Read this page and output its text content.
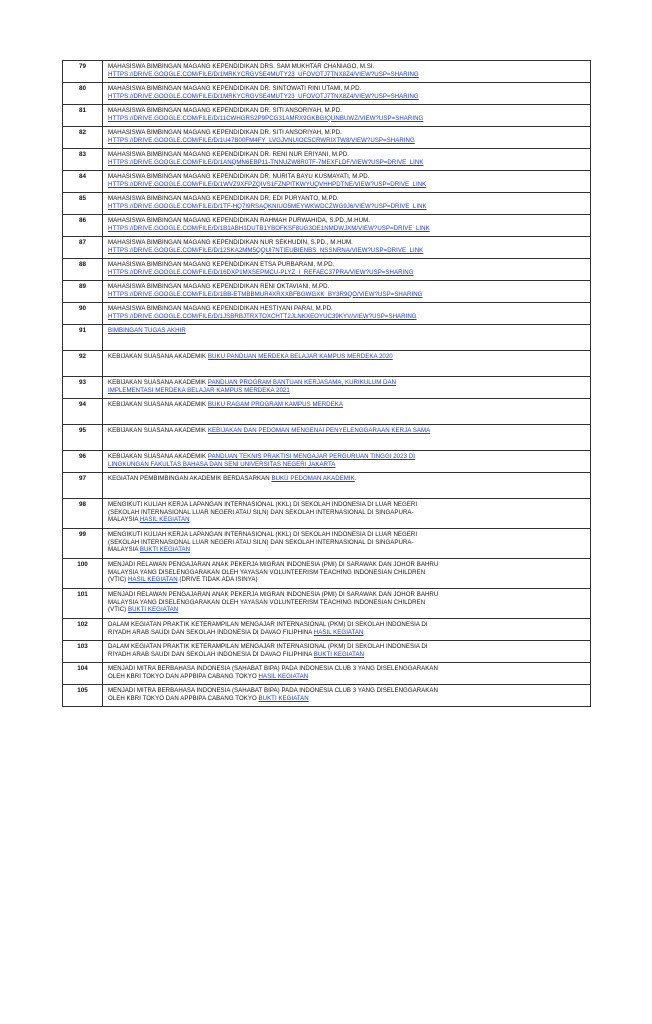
79	MAHASISWA BIMBINGAN MAGANG KEPENDIDIKAN DRS. SAM MUKHTAR CHANIAGO, M.SI.
HTTPS://DRIVE.GOOGLE.COM/FILE/D/1MRKYCRGVSE4MUTY23_UFOVOTJ7TNX8Z4/VIEW?USP=SHARING

80	MAHASISWA BIMBINGAN MAGANG KEPENDIDIKAN DR. SINTOWATI RINI UTAMI, M.PD.
HTTPS://DRIVE.GOOGLE.COM/FILE/D/1MRKYCRGVSE4MUTY23_UFOVOTJ7TNX8Z4/VIEW?USP=SHARING

81	MAHASISWA BIMBINGAN MAGANG KEPENDIDIKAN DR. SITI ANSORIYAH, M.PD.
HTTPS://DRIVE.GOOGLE.COM/FILE/D/11CWHGRS2P9PCG31AMRX9GKBGIQUNBUWZ/VIEW?USP=SHARING

82	MAHASISWA BIMBINGAN MAGANG KEPENDIDIKAN DR. SITI ANSORIYAH, M.PD.
HTTPS://DRIVE.GOOGLE.COM/FILE/D/1U47B00FM4FY_LVGJVNUIOC5CRWRIXTW8/VIEW?USP=SHARING

83	MAHASISWA BIMBINGAN MAGANG KEPENDIDIKAN DR. RENI NUR ERIYANI, M.PD.
HTTPS://DRIVE.GOOGLE.COM/FILE/D/1ANQMN6EBP11-TNNUZW8R0TF-7MEXFLDF/VIEW?USP=DRIVE_LINK

84	MAHASISWA BIMBINGAN MAGANG KEPENDIDIKAN DR. NURITA BAYU KUSMAYATI, M.PD.
HTTPS://DRIVE.GOOGLE.COM/FILE/D/1WVZ9XFPZQIVS1FZNPITKWYUQVHHPDTNE/VIEW?USP=DRIVE_LINK

85	MAHASISWA BIMBINGAN MAGANG KEPENDIDIKAN DR. EDI PURYANTO, M.PD.
HTTPS://DRIVE.GOOGLE.COM/FILE/D/1TF-HQ7I9RSAQKNIUO5MEYWKWDCZWG9J6/VIEW?USP=DRIVE_LINK

86	MAHASISWA BIMBINGAN MAGANG KEPENDIDIKAN RAHMAH PURWAHIDA, S.PD.,M.HUM.
HTTPS://DRIVE.GOOGLE.COM/FILE/D/1B1ABH1DUTB1YBOFKSF8UG3OE1NMDWJXM/VIEW?USP=DRIVE_LINK

87	MAHASISWA BIMBINGAN MAGANG KEPENDIDIKAN NUR SEKHUDIN, S.PD., M.HUM.
HTTPS://DRIVE.GOOGLE.COM/FILE/D/12SKA2MM5QQUI7NTIEUBIENBS_NSSNRNA/VIEW?USP=DRIVE_LINK

88	MAHASISWA BIMBINGAN MAGANG KEPENDIDIKAN ETSA PURBARANI, M.PD.
HTTPS://DRIVE.GOOGLE.COM/FILE/D/16DXP1MXSEPMCU-PLYZ_I_REFAEC37PRA/VIEW?USP=SHARING

89	MAHASISWA BIMBINGAN MAGANG KEPENDIDIKAN RENI OKTAVIANI, M.PD.
HTTPS://DRIVE.GOOGLE.COM/FILE/D/1BB-ETMBBMUR4XRXXBFBGWGXK_BY3R9QO/VIEW?USP=SHARING

90	MAHASISWA BIMBINGAN MAGANG KEPENDIDIKAN HESTIYANI PARAI, M.PD.
HTTPS://DRIVE.GOOGLE.COM/FILE/D/1JSBRBJTRXTOXCHTT2JLNKXEOYUC39KYV/VIEW?USP=SHARING

91	BIMBINGAN TUGAS AKHIR

92	KEBIJAKAN SUASANA AKADEMIK BUKU PANDUAN MERDEKA BELAJAR KAMPUS MERDEKA 2020

93	KEBIJAKAN SUASANA AKADEMIK PANDUAN PROGRAM BANTUAN KERJASAMA, KURIKULUM DAN
IMPLEMENTASI MERDEKA BELAJAR KAMPUS MERDEKA 2021

94	KEBIJAKAN SUASANA AKADEMIK BUKU RAGAM PROGRAM KAMPUS MERDEKA

95	KEBIJAKAN SUASANA AKADEMIK KEBIJAKAN DAN PEDOMAN MENGENAI PENYELENGGARAAN KERJA SAMA

96	KEBIJAKAN SUASANA AKADEMIK PANDUAN TEKNIS PRAKTISI MENGAJAR PERGURUAN TINGGI 2023 DI
LINGKUNGAN FAKULTAS BAHASA DAN SENI UNIVERSITAS NEGERI JAKARTA

97	KEGIATAN PEMBIMBINGAN AKADEMIK BERDASARKAN BUKU PEDOMAN AKADEMIK.

98	MENGIKUTI KULIAH KERJA LAPANGAN INTERNASIONAL (KKL) DI SEKOLAH INDONESIA DI LUAR NEGERI
(SEKOLAH INTERNASIONAL LUAR NEGERI ATAU SILN) DAN SEKOLAH INTERNASIONAL DI SINGAPURA-
MALAYSIA HASIL KEGIATAN

99	MENGIKUTI KULIAH KERJA LAPANGAN INTERNASIONAL (KKL) DI SEKOLAH INDONESIA DI LUAR NEGERI
(SEKOLAH INTERNASIONAL LUAR NEGERI ATAU SILN) DAN SEKOLAH INTERNASIONAL DI SINGAPURA-
MALAYSIA BUKTI KEGIATAN

100	MENJADI RELAWAN PENGAJARAN ANAK PEKERJA MIGRAN INDONESIA (PMI) DI SARAWAK DAN JOHOR BAHRU
MALAYSIA YANG DISELENGGARAKAN OLEH YAYASAN VOLUNTEERISM TEACHING INDONESIAN CHILDREN
(VTIC) HASIL KEGIATAN (DRIVE TIDAK ADA ISINYA)

101	MENJADI RELAWAN PENGAJARAN ANAK PEKERJA MIGRAN INDONESIA (PMI) DI SARAWAK DAN JOHOR BAHRU
MALAYSIA YANG DISELENGGARAKAN OLEH YAYASAN VOLUNTEERISM TEACHING INDONESIAN CHILDREN
(VTIC) BUKTI KEGIATAN

102	DALAM KEGIATAN PRAKTIK KETERAMPILAN MENGAJAR INTERNASIONAL (PKM) DI SEKOLAH INDONESIA DI
RIYADH ARAB SAUDI DAN SEKOLAH INDONESIA DI DAVAO FILIPHINA HASIL KEGIATAN

103	DALAM KEGIATAN PRAKTIK KETERAMPILAN MENGAJAR INTERNASIONAL (PKM) DI SEKOLAH INDONESIA DI
RIYADH ARAB SAUDI DAN SEKOLAH INDONESIA DI DAVAO FILIPHINA BUKTI KEGIATAN

104	MENJADI MITRA BERBAHASA INDONESIA (SAHABAT BIPA) PADA INDONESIA CLUB 3 YANG DISELENGGARAKAN
OLEH KBRI TOKYO DAN APPBIPA CABANG TOKYO HASIL KEGIATAN

105	MENJADI MITRA BERBAHASA INDONESIA (SAHABAT BIPA) PADA INDONESIA CLUB 3 YANG DISELENGGARAKAN
OLEH KBRI TOKYO DAN APPBIPA CABANG TOKYO BUKTI KEGIATAN
